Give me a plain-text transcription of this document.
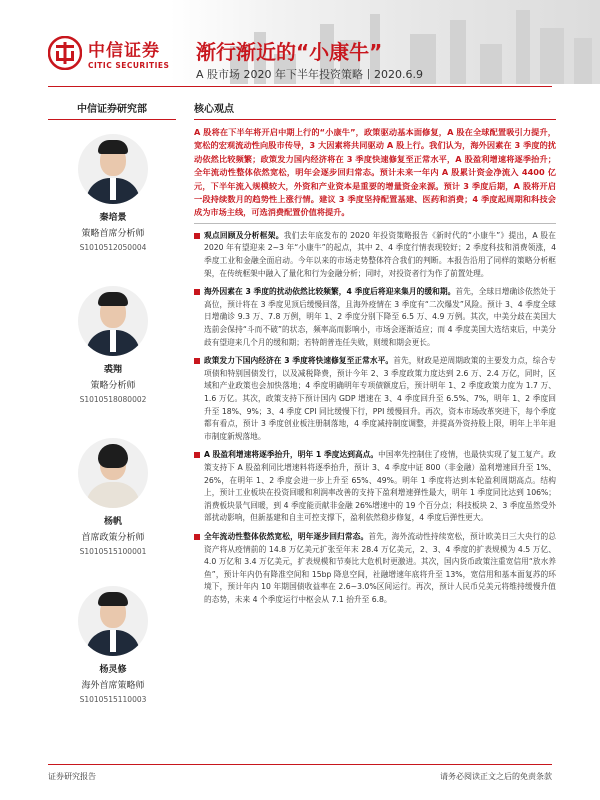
中信证券
CITIC SECURITIES
渐行渐近的“小康牛”
A 股市场 2020 年下半年投资策略丨2020.6.9
中信证券研究部
秦培景
策略首席分析师
S1010512050004
裘翔
策略分析师
S1010518080002
杨帆
首席政策分析师
S1010515100001
杨灵修
海外首席策略师
S1010515110003
核心观点
A 股将在下半年将开启中期上行的“小康牛”，政策驱动基本面修复，A 股在全球配置吸引力提升，宽松的宏观流动性向股市传导，3 大因素将共同驱动 A 股上行。我们认为，海外因素在 3 季度的扰动依然比较频繁；政策发力国内经济将在 3 季度快速修复至正常水平，A 股盈利增速将逐季抬升；全年流动性整体依然宽松，明年会逐步回归常态。预计未来一年内 A 股累计资金净流入 4400 亿元，下半年流入规模较大，外资和产业资本是重要的增量资金来源。预计 3 季度后期，A 股将开启一段持续数月的趋势性上涨行情。建议 3 季度坚持配置基建、医药和消费；4 季度起周期和科技会成为市场主线，可选消费配置价值将提升。
观点回顾及分析框架。我们去年底发布的 2020 年投资策略报告《新时代的“小康牛”》提出，A 股在 2020 年有望迎来 2~3 年“小康牛”的起点，其中 2、4 季度行情表现较好；2 季度科技和消费领涨，4 季度工业和金融全面启动。今年以来的市场走势整体符合我们的判断。本报告沿用了同样的策略分析框架，在传统框架中融入了量化和行为金融分析；同时，对投资者行为作了前置处理。
海外因素在 3 季度的扰动依然比较频繁，4 季度后将迎来集月的缓和期。首先，全球日增确诊依然处于高位，预计将在 3 季度见顶后缓慢回落，且海外疫情在 3 季度有“二次爆发”风险。预计 3、4 季度全球日增确诊 9.3 万、7.8 万例，明年 1、2 季度分别下降至 6.5 万、4.9 万例。其次，中美分歧在美国大选前会保持“斗而不破”的状态，频率高而影响小，市场会逐渐适应；而 4 季度美国大选结束后，中美分歧有望迎来几个月的缓和期；若特朗普连任失败，则缓和期会更长。
政策发力下国内经济在 3 季度将快速修复至正常水平。首先，财政是逆周期政策的主要发力点，综合专项债和特别国债发行，以及减税降费，预计今年 2、3 季度政策力度达到 2.6 万、2.4 万亿，同时，区域和产业政策也会加快落地；4 季度明确明年专项债额度后，预计明年 1、2 季度政策力度为 1.7 万、1.6 万亿。其次，政策支持下预计国内 GDP 增速在 3、4 季度回升至 6.5%、7%，明年 1、2 季度回升至 18%、9%；3、4 季度 CPI 同比缓慢下行，PPI 缓慢回升。再次，资本市场改革突进下，每个季度都有看点，预计 3 季度创业板注册制落地，4 季度减持制度调整，并提高外资持股上限，明年上半年退市制度新规落地。
A 股盈利增速将逐季抬升，明年 1 季度达到高点。中国率先控制住了疫情，也最快实现了复工复产。政策支持下 A 股盈利同比增速料将逐季抬升，预计 3、4 季度中证 800（非金融）盈利增速回升至 1%、26%，在明年 1、2 季度会进一步上升至 65%、49%。明年 1 季度将达到本轮盈利周期高点。结构上，预计工业板块在投资回暖和利润率改善的支持下盈利增速弹性最大，明年 1 季度同比达到 106%；消费板块景气回暖，到 4 季度能贡献非金融 26%增速中的 19 个百分点；科技板块 2、3 季度虽然受外部扰动影响，但新基建和自主可控支撑下，盈利依然稳步修复，4 季度后弹性更大。
全年流动性整体依然宽松，明年逐步回归常态。首先，海外流动性持续宽松，预计欧美日三大央行的总资产将从疫情前的 14.8 万亿美元扩张至年末 28.4 万亿美元，2、3、4 季度的扩表规模为 4.5 万亿、4.0 万亿和 3.4 万亿美元，扩表规模和节奏比大危机时更激进。其次，国内货币政策注重宽信用“放水养鱼”，预计年内仍有降准空间和 15bp 降息空间，社融增速年底将升至 13%，宽信用和基本面复苏的环境下，预计年内 10 年期国债收益率在 2.6~3.0%区间运行。再次，预计人民币兑美元将维持缓慢升值的态势，未来 4 个季度运行中枢会从 7.1 抬升至 6.8。
证券研究报告	请务必阅读正文之后的免责条款
